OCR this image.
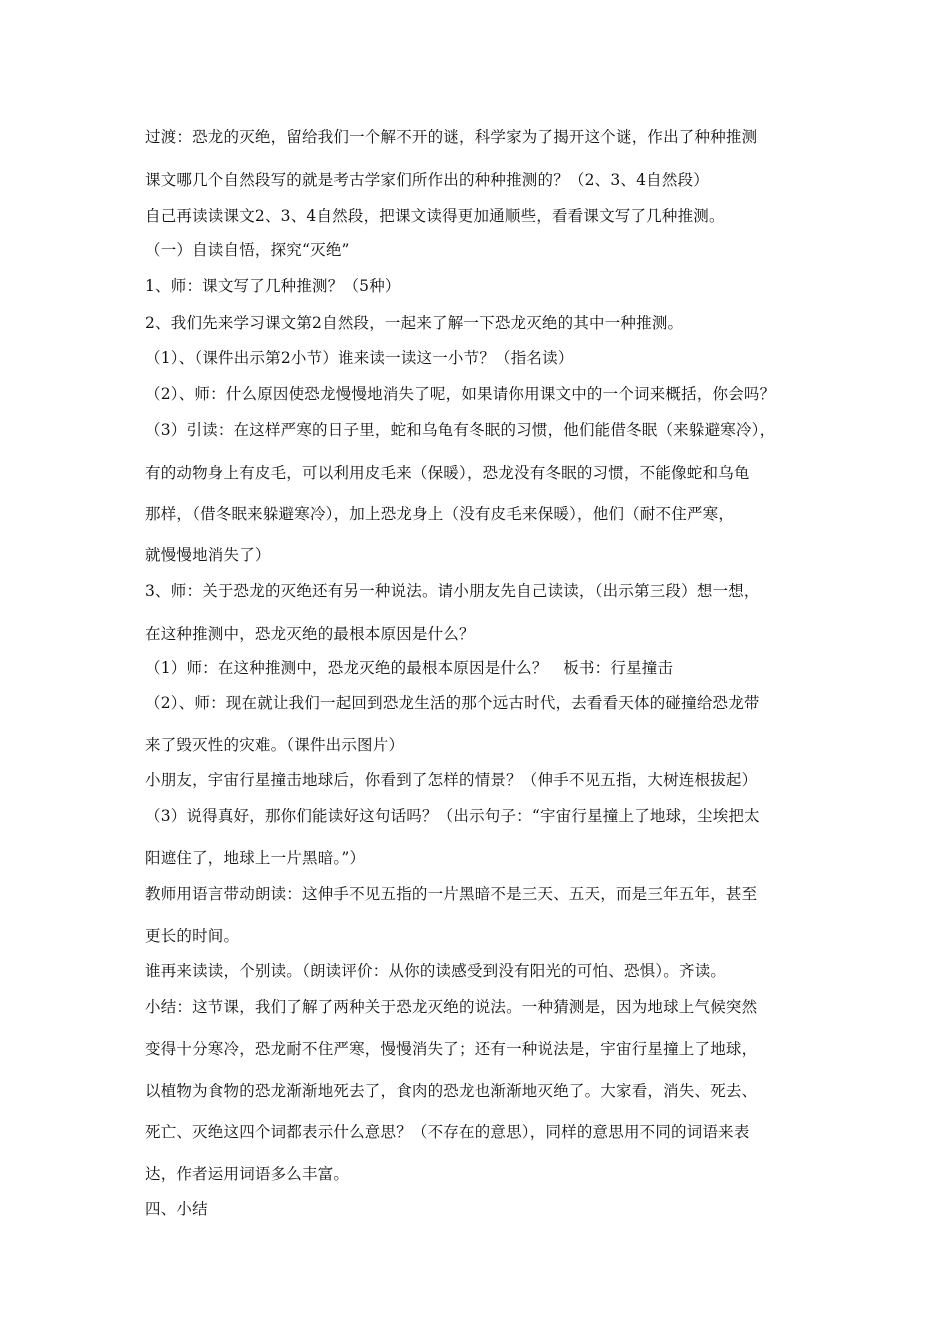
过渡：恐龙的灭绝，留给我们一个解不开的谜，科学家为了揭开这个谜，作出了种种推测
课文哪几个自然段写的就是考古学家们所作出的种种推测的？（2、3、4自然段）
自己再读读课文2、3、4自然段，把课文读得更加通顺些，看看课文写了几种推测。
（一）自读自悟，探究“灭绝”
1、师：课文写了几种推测？（5种）
2、我们先来学习课文第2自然段，一起来了解一下恐龙灭绝的其中一种推测。
（1）、（课件出示第2小节）谁来读一读这一小节？（指名读）
（2）、师：什么原因使恐龙慢慢地消失了呢，如果请你用课文中的一个词来概括，你会吗？
（3）引读：在这样严寒的日子里，蛇和乌龟有冬眠的习惯，他们能借冬眠（来躲避寒冷），
有的动物身上有皮毛，可以利用皮毛来（保暖），恐龙没有冬眠的习惯，不能像蛇和乌龟
那样，（借冬眠来躲避寒冷），加上恐龙身上（没有皮毛来保暖），他们（耐不住严寒，
就慢慢地消失了）
3、师：关于恐龙的灭绝还有另一种说法。请小朋友先自己读读，（出示第三段）想一想，
在这种推测中，恐龙灭绝的最根本原因是什么？
（1）师：在这种推测中，恐龙灭绝的最根本原因是什么？　板书：行星撞击
（2）、师：现在就让我们一起回到恐龙生活的那个远古时代，去看看天体的碰撞给恐龙带
来了毁灭性的灾难。（课件出示图片）
小朋友，宇宙行星撞击地球后，你看到了怎样的情景？（伸手不见五指，大树连根拔起）
（3）说得真好，那你们能读好这句话吗？（出示句子：“宇宙行星撞上了地球，尘埃把太
阳遮住了，地球上一片黑暗。”）
教师用语言带动朗读：这伸手不见五指的一片黑暗不是三天、五天，而是三年五年，甚至
更长的时间。
谁再来读读，个别读。（朗读评价：从你的读感受到没有阳光的可怕、恐惧）。齐读。
小结：这节课，我们了解了两种关于恐龙灭绝的说法。一种猜测是，因为地球上气候突然
变得十分寒冷，恐龙耐不住严寒，慢慢消失了；还有一种说法是，宇宙行星撞上了地球，
以植物为食物的恐龙渐渐地死去了，食肉的恐龙也渐渐地灭绝了。大家看，消失、死去、
死亡、灭绝这四个词都表示什么意思？（不存在的意思），同样的意思用不同的词语来表
达，作者运用词语多么丰富。
四、小结
